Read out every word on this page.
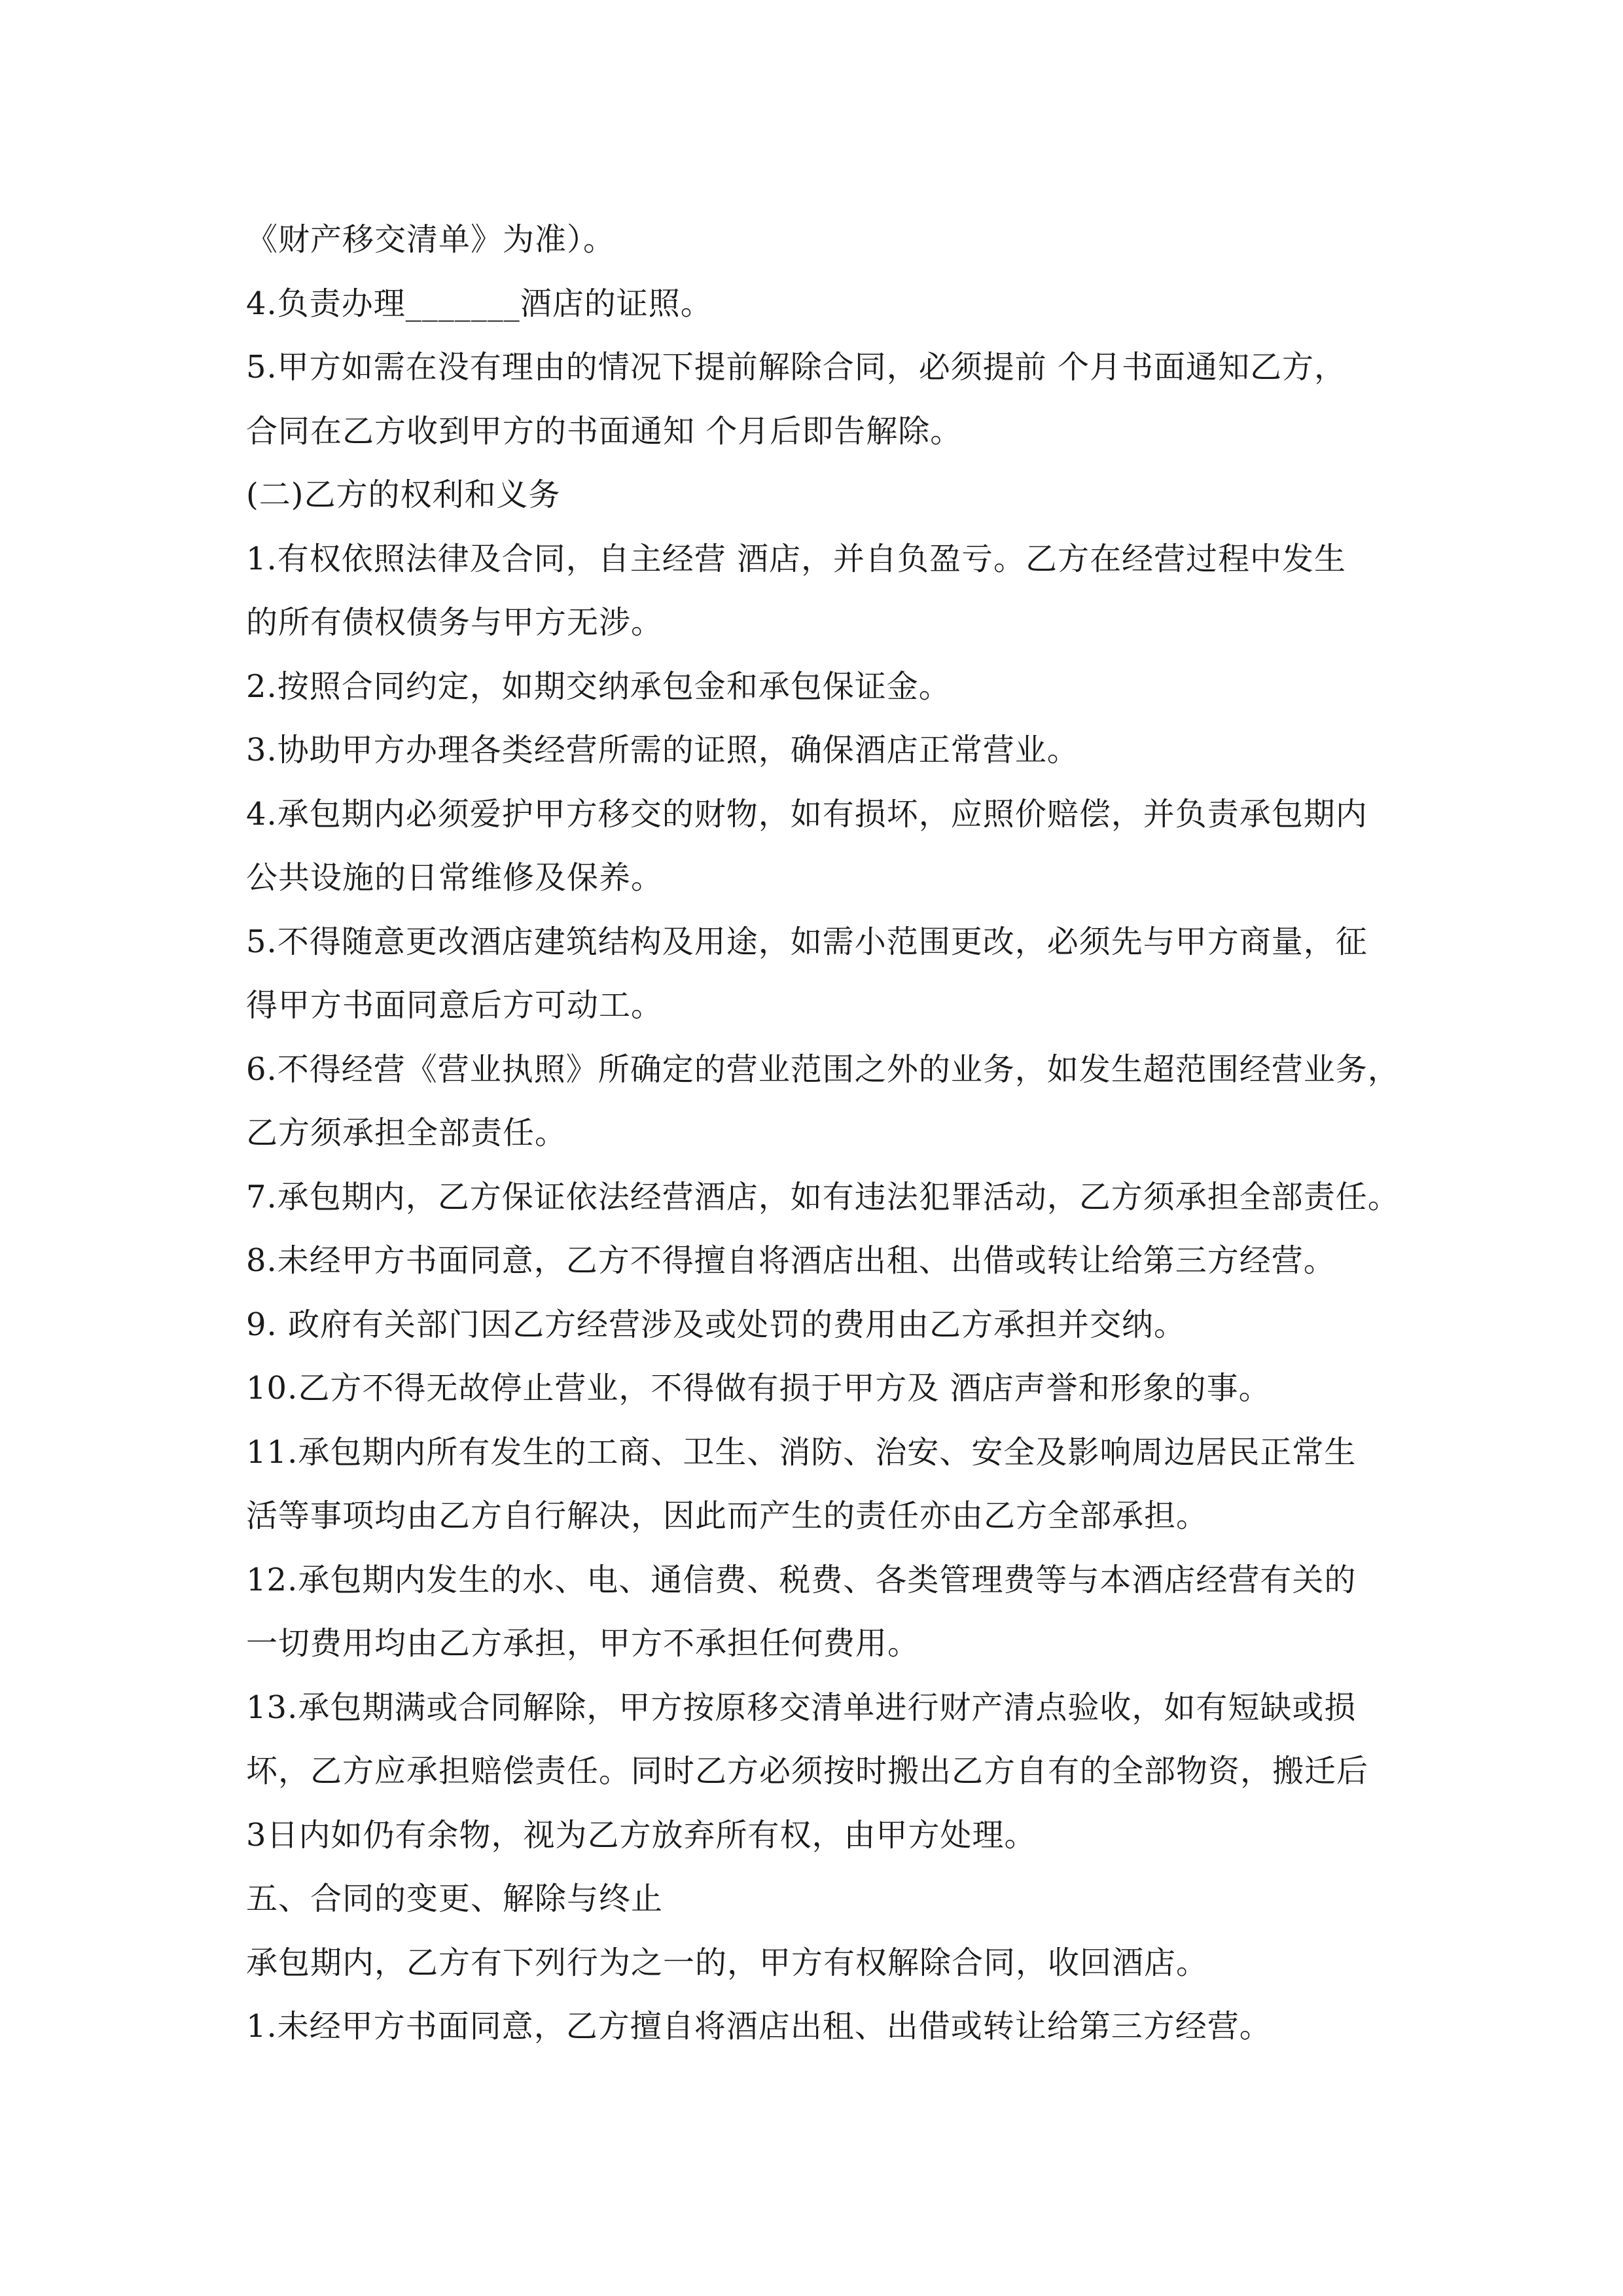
《财产移交清单》为准）。
4.负责办理_______酒店的证照。
5.甲方如需在没有理由的情况下提前解除合同，必须提前 个月书面通知乙方，
合同在乙方收到甲方的书面通知 个月后即告解除。
(二)乙方的权利和义务
1.有权依照法律及合同，自主经营 酒店，并自负盈亏。乙方在经营过程中发生
的所有债权债务与甲方无涉。
2.按照合同约定，如期交纳承包金和承包保证金。
3.协助甲方办理各类经营所需的证照，确保酒店正常营业。
4.承包期内必须爱护甲方移交的财物，如有损坏，应照价赔偿，并负责承包期内
公共设施的日常维修及保养。
5.不得随意更改酒店建筑结构及用途，如需小范围更改，必须先与甲方商量，征
得甲方书面同意后方可动工。
6.不得经营《营业执照》所确定的营业范围之外的业务，如发生超范围经营业务，
乙方须承担全部责任。
7.承包期内，乙方保证依法经营酒店，如有违法犯罪活动，乙方须承担全部责任。
8.未经甲方书面同意，乙方不得擅自将酒店出租、出借或转让给第三方经营。
9. 政府有关部门因乙方经营涉及或处罚的费用由乙方承担并交纳。
10.乙方不得无故停止营业，不得做有损于甲方及 酒店声誉和形象的事。
11.承包期内所有发生的工商、卫生、消防、治安、安全及影响周边居民正常生
活等事项均由乙方自行解决，因此而产生的责任亦由乙方全部承担。
12.承包期内发生的水、电、通信费、税费、各类管理费等与本酒店经营有关的
一切费用均由乙方承担，甲方不承担任何费用。
13.承包期满或合同解除，甲方按原移交清单进行财产清点验收，如有短缺或损
坏，乙方应承担赔偿责任。同时乙方必须按时搬出乙方自有的全部物资，搬迁后
3日内如仍有余物，视为乙方放弃所有权，由甲方处理。
五、合同的变更、解除与终止
承包期内，乙方有下列行为之一的，甲方有权解除合同，收回酒店。
1.未经甲方书面同意，乙方擅自将酒店出租、出借或转让给第三方经营。
